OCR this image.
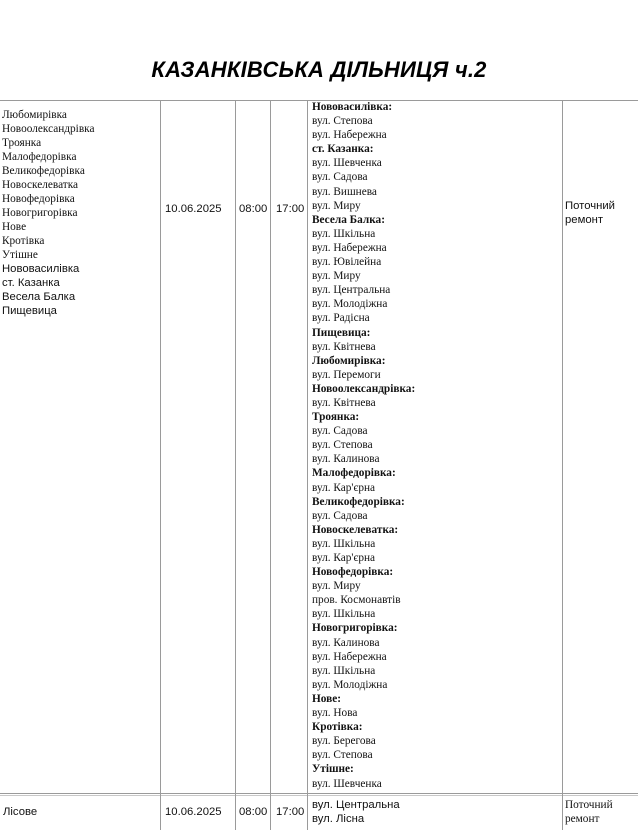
КАЗАНКІВСЬКА ДІЛЬНИЦЯ ч.2
Любомирівка
Новоолександрівка
Троянка
Малофедорівка
Великофедорівка
Новоскелеватка
Новофедорівка
Новогригорівка
Нове
Кротівка
Утішне
Нововасилівка
ст. Казанка
Весела Балка
Пищевица
10.06.2025 08:00 17:00
Нововасилівка:
вул. Степова
вул. Набережна
ст. Казанка:
вул. Шевченка
вул. Садова
вул. Вишнева
вул. Миру
Весела Балка:
вул. Шкільна
вул. Набережна
вул. Ювілейна
вул. Миру
вул. Центральна
вул. Молодіжна
вул. Радісна
Пищевица:
вул. Квітнева
Любомирівка:
вул. Перемоги
Новоолександрівка:
вул. Квітнева
Троянка:
вул. Садова
вул. Степова
вул. Калинова
Малофедорівка:
вул. Кар'єрна
Великофедорівка:
вул. Садова
Новоскелеватка:
вул. Шкільна
вул. Кар'єрна
Новофедорівка:
вул. Миру
пров. Космонавтів
вул. Шкільна
Новогригорівка:
вул. Калинова
вул. Набережна
вул. Шкільна
вул. Молодіжна
Нове:
вул. Нова
Кротівка:
вул. Берегова
вул. Степова
Утішне:
вул. Шевченка
Поточний
ремонт
Лісове	10.06.2025 08:00 17:00
вул. Центральна
вул. Лісна
Поточний
ремонт
